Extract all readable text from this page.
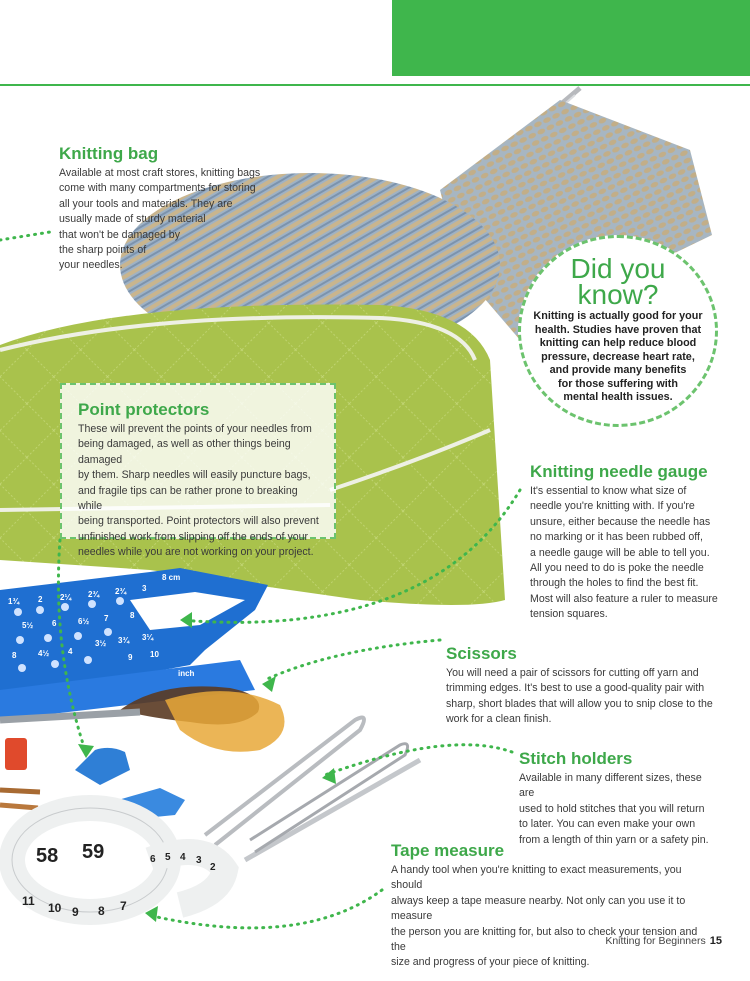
1¾ 2 2¼ 2¾ 2¾ 3
5½ 6	6½ 7	8
3½ 3¾ 3¼
8	4½ 4
9 10
8 cm
inch
58 59	6 5 4 3
2
11 10 9 8 7

Knitting bag

Available at most craft stores, knitting bags
come with many compartments for storing
all your tools and materials. They are
usually made of sturdy material
that won't be damaged by
the sharp points of
your needles.

Point protectors

These will prevent the points of your needles from
being damaged, as well as other things being damaged
by them. Sharp needles will easily puncture bags,
and fragile tips can be rather prone to breaking while
being transported. Point protectors will also prevent
unfinished work from slipping off the ends of your
needles while you are not working on your project.

Did you
know?
Knitting is actually good for your
health. Studies have proven that
knitting can help reduce blood
pressure, decrease heart rate,
and provide many benefits
for those suffering with
mental health issues.

Knitting needle gauge

It's essential to know what size of
needle you're knitting with. If you're
unsure, either because the needle has
no marking or it has been rubbed off,
a needle gauge will be able to tell you.
All you need to do is poke the needle
through the holes to find the best fit.
Most will also feature a ruler to measure
tension squares.

Scissors

You will need a pair of scissors for cutting off yarn and
trimming edges. It's best to use a good-quality pair with
sharp, short blades that will allow you to snip close to the
work for a clean finish.

Stitch holders

Available in many different sizes, these are
used to hold stitches that you will return
to later. You can even make your own
from a length of thin yarn or a safety pin.

Tape measure

A handy tool when you're knitting to exact measurements, you should
always keep a tape measure nearby. Not only can you use it to measure
the person you are knitting for, but also to check your tension and the
size and progress of your piece of knitting.

Knitting for Beginners 15
